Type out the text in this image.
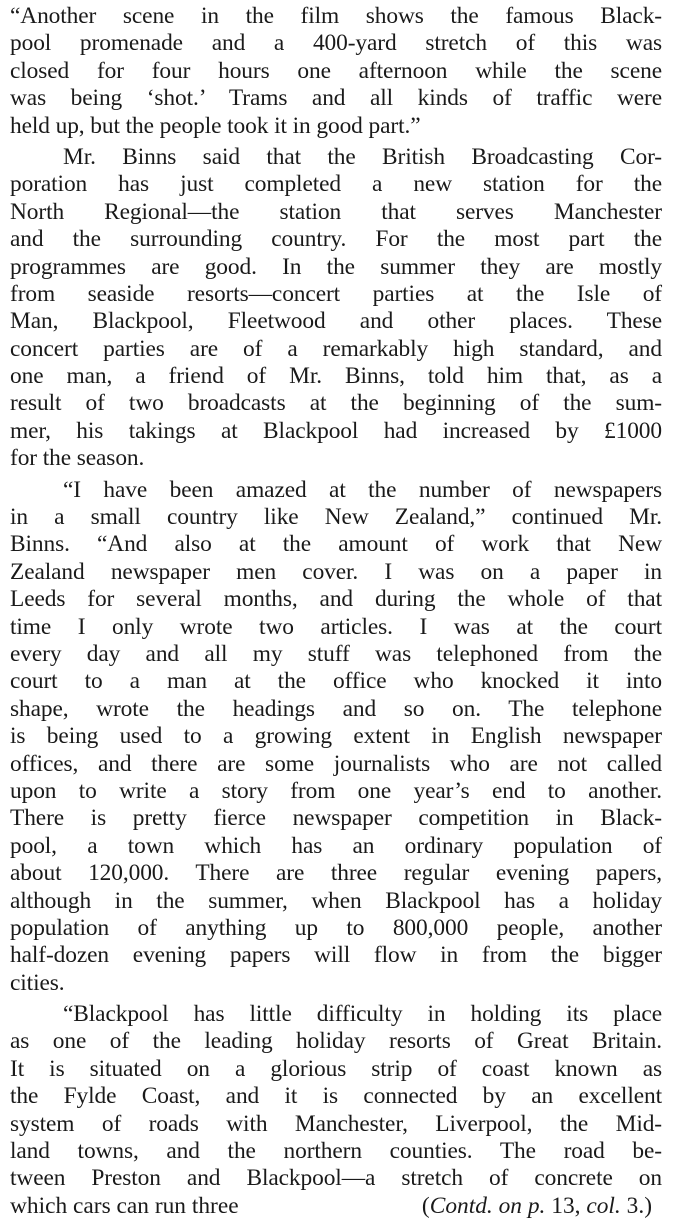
“Another scene in the film shows the famous Black-
pool promenade and a 400-yard stretch of this was
closed for four hours one afternoon while the scene
was being ‘shot.’ Trams and all kinds of traffic were
held up, but the people took it in good part.”
Mr. Binns said that the British Broadcasting Cor-
poration has just completed a new station for the
North Regional—the station that serves Manchester
and the surrounding country. For the most part the
programmes are good. In the summer they are mostly
from seaside resorts—concert parties at the Isle of
Man, Blackpool, Fleetwood and other places. These
concert parties are of a remarkably high standard, and
one man, a friend of Mr. Binns, told him that, as a
result of two broadcasts at the beginning of the sum-
mer, his takings at Blackpool had increased by £1000
for the season.
“I have been amazed at the number of newspapers
in a small country like New Zealand,” continued Mr.
Binns. “And also at the amount of work that New
Zealand newspaper men cover. I was on a paper in
Leeds for several months, and during the whole of that
time I only wrote two articles. I was at the court
every day and all my stuff was telephoned from the
court to a man at the office who knocked it into
shape, wrote the headings and so on. The telephone
is being used to a growing extent in English newspaper
offices, and there are some journalists who are not called
upon to write a story from one year’s end to another.
There is pretty fierce newspaper competition in Black-
pool, a town which has an ordinary population of
about 120,000. There are three regular evening papers,
although in the summer, when Blackpool has a holiday
population of anything up to 800,000 people, another
half-dozen evening papers will flow in from the bigger
cities.
“Blackpool has little difficulty in holding its place
as one of the leading holiday resorts of Great Britain.
It is situated on a glorious strip of coast known as
the Fylde Coast, and it is connected by an excellent
system of roads with Manchester, Liverpool, the Mid-
land towns, and the northern counties. The road be-
tween Preston and Blackpool—a stretch of concrete on
which cars can run three	(Contd. on p. 13, col. 3.)
